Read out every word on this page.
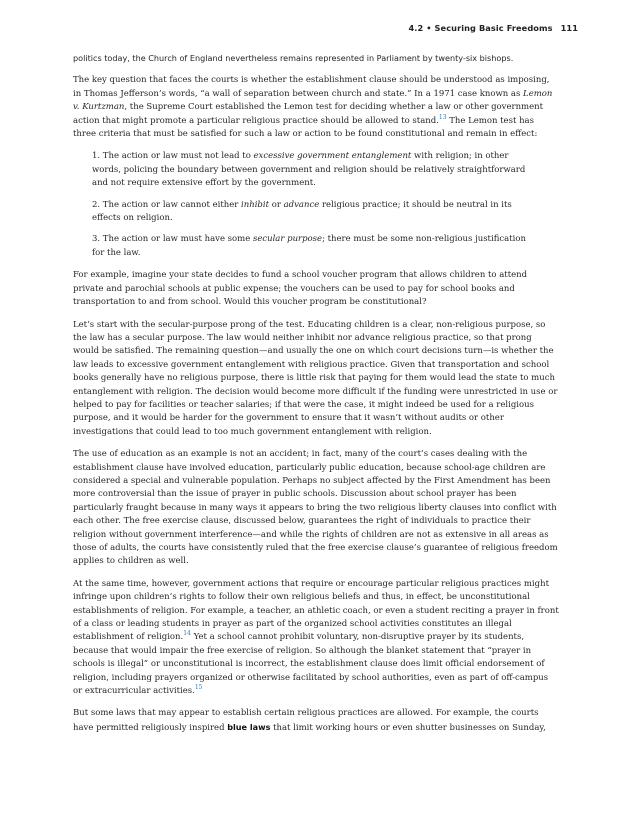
4.2 • Securing Basic Freedoms 111

politics today, the Church of England nevertheless remains represented in Parliament by twenty-six bishops.

The key question that faces the courts is whether the establishment clause should be understood as imposing, in Thomas Jefferson’s words, “a wall of separation between church and state.” In a 1971 case known as Lemon v. Kurtzman, the Supreme Court established the Lemon test for deciding whether a law or other government action that might promote a particular religious practice should be allowed to stand.$^{13}$ The Lemon test has three criteria that must be satisfied for such a law or action to be found constitutional and remain in effect:

1. The action or law must not lead to excessive government entanglement with religion; in other words, policing the boundary between government and religion should be relatively straightforward and not require extensive effort by the government.
2. The action or law cannot either inhibit or advance religious practice; it should be neutral in its effects on religion.
3. The action or law must have some secular purpose; there must be some non-religious justification for the law.

For example, imagine your state decides to fund a school voucher program that allows children to attend private and parochial schools at public expense; the vouchers can be used to pay for school books and transportation to and from school. Would this voucher program be constitutional?

Let’s start with the secular-purpose prong of the test. Educating children is a clear, non-religious purpose, so the law has a secular purpose. The law would neither inhibit nor advance religious practice, so that prong would be satisfied. The remaining question—and usually the one on which court decisions turn—is whether the law leads to excessive government entanglement with religious practice. Given that transportation and school books generally have no religious purpose, there is little risk that paying for them would lead the state to much entanglement with religion. The decision would become more difficult if the funding were unrestricted in use or helped to pay for facilities or teacher salaries; if that were the case, it might indeed be used for a religious purpose, and it would be harder for the government to ensure that it wasn’t without audits or other investigations that could lead to too much government entanglement with religion.

The use of education as an example is not an accident; in fact, many of the court’s cases dealing with the establishment clause have involved education, particularly public education, because school-age children are considered a special and vulnerable population. Perhaps no subject affected by the First Amendment has been more controversial than the issue of prayer in public schools. Discussion about school prayer has been particularly fraught because in many ways it appears to bring the two religious liberty clauses into conflict with each other. The free exercise clause, discussed below, guarantees the right of individuals to practice their religion without government interference—and while the rights of children are not as extensive in all areas as those of adults, the courts have consistently ruled that the free exercise clause’s guarantee of religious freedom applies to children as well.

At the same time, however, government actions that require or encourage particular religious practices might infringe upon children’s rights to follow their own religious beliefs and thus, in effect, be unconstitutional establishments of religion. For example, a teacher, an athletic coach, or even a student reciting a prayer in front of a class or leading students in prayer as part of the organized school activities constitutes an illegal establishment of religion.$^{14}$ Yet a school cannot prohibit voluntary, non-disruptive prayer by its students, because that would impair the free exercise of religion. So although the blanket statement that “prayer in schools is illegal” or unconstitutional is incorrect, the establishment clause does limit official endorsement of religion, including prayers organized or otherwise facilitated by school authorities, even as part of off-campus or extracurricular activities.$^{15}$

But some laws that may appear to establish certain religious practices are allowed. For example, the courts have permitted religiously inspired blue laws that limit working hours or even shutter businesses on Sunday,
